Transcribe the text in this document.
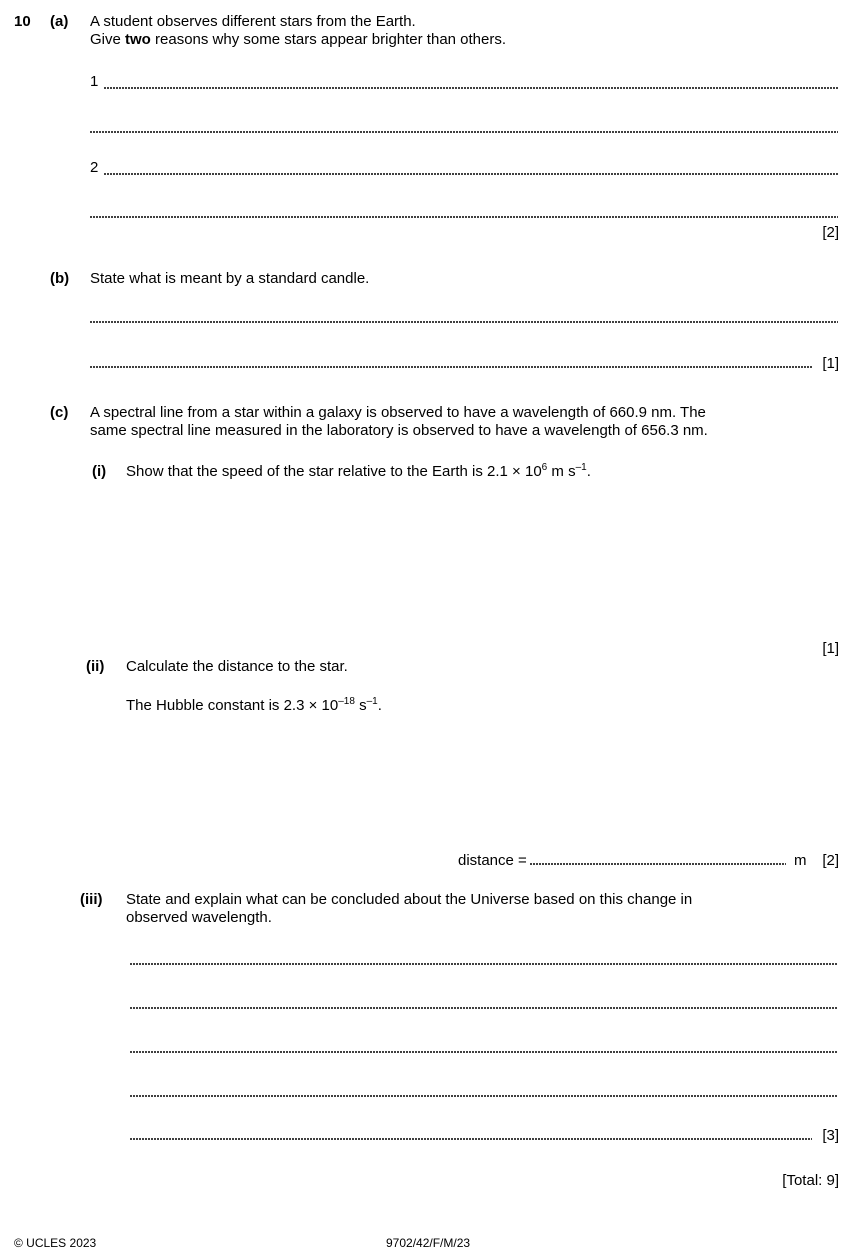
10 (a) A student observes different stars from the Earth.
Give two reasons why some stars appear brighter than others.
1
2
[2]
(b) State what is meant by a standard candle.
[1]
(c) A spectral line from a star within a galaxy is observed to have a wavelength of 660.9 nm. The
same spectral line measured in the laboratory is observed to have a wavelength of 656.3 nm.
(i) Show that the speed of the star relative to the Earth is $2.1 \times 10^6$ m $s^{-1}$.
[1]
(ii) Calculate the distance to the star.
The Hubble constant is $2.3 \times 10^{-18}$ $s^{-1}$.
distance =	m	[2]
(iii) State and explain what can be concluded about the Universe based on this change in
observed wavelength.
[3]
[Total: 9]
© UCLES 2023	9702/42/F/M/23
